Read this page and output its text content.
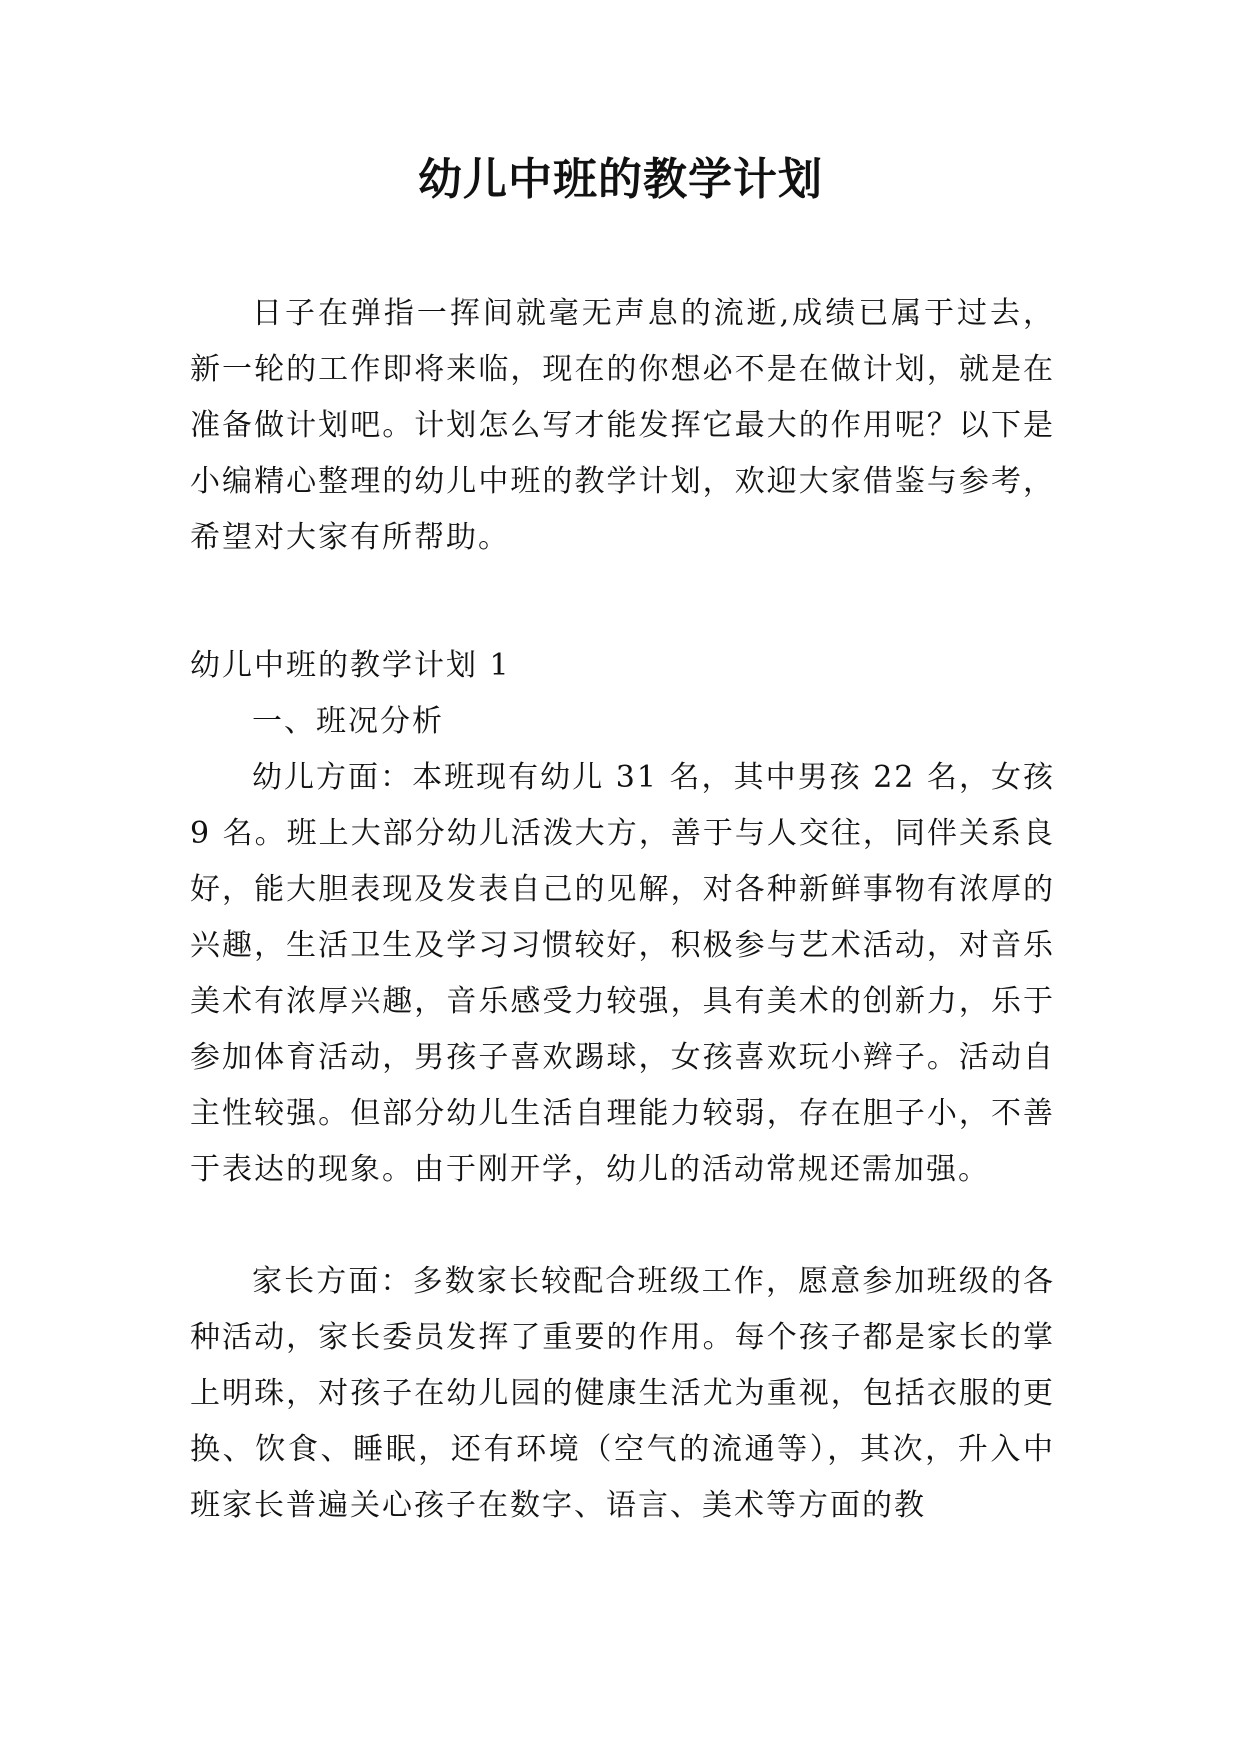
幼儿中班的教学计划

日子在弹指一挥间就毫无声息的流逝,成绩已属于过去，新一轮的工作即将来临，现在的你想必不是在做计划，就是在准备做计划吧。计划怎么写才能发挥它最大的作用呢？以下是小编精心整理的幼儿中班的教学计划，欢迎大家借鉴与参考，希望对大家有所帮助。

幼儿中班的教学计划 1

一、班况分析

幼儿方面：本班现有幼儿 31 名，其中男孩 22 名，女孩 9 名。班上大部分幼儿活泼大方，善于与人交往，同伴关系良好，能大胆表现及发表自己的见解，对各种新鲜事物有浓厚的兴趣，生活卫生及学习习惯较好，积极参与艺术活动，对音乐美术有浓厚兴趣，音乐感受力较强，具有美术的创新力，乐于参加体育活动，男孩子喜欢踢球，女孩喜欢玩小辫子。活动自主性较强。但部分幼儿生活自理能力较弱，存在胆子小，不善于表达的现象。由于刚开学，幼儿的活动常规还需加强。

家长方面：多数家长较配合班级工作，愿意参加班级的各种活动，家长委员发挥了重要的作用。每个孩子都是家长的掌上明珠，对孩子在幼儿园的健康生活尤为重视，包括衣服的更换、饮食、睡眠，还有环境（空气的流通等），其次，升入中班家长普遍关心孩子在数字、语言、美术等方面的教
